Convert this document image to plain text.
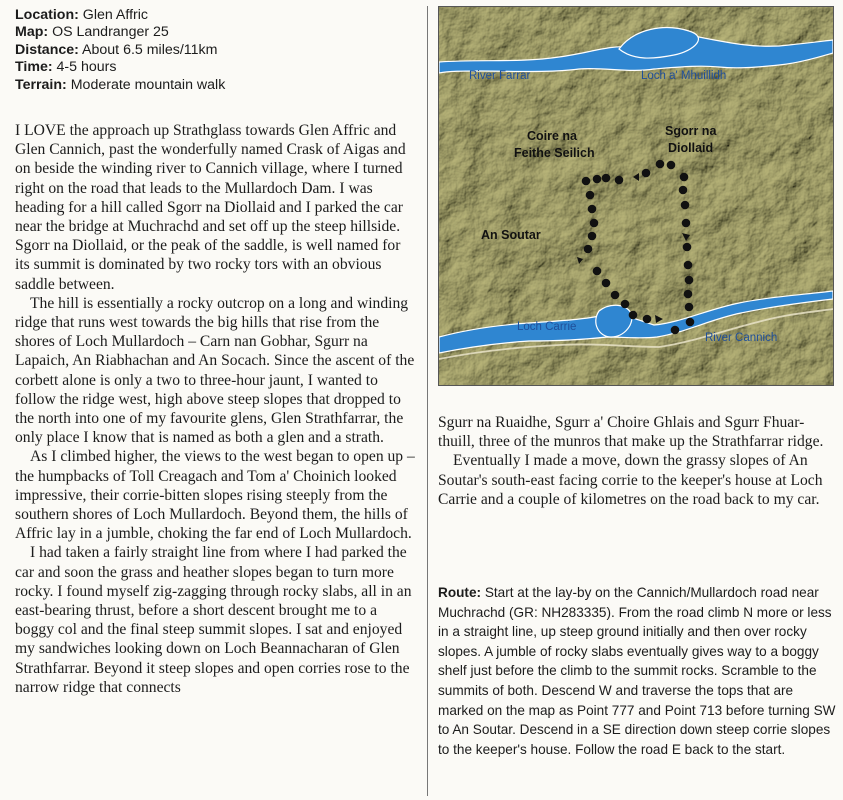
Location: Glen Affric
Map: OS Landranger 25
Distance: About 6.5 miles/11km
Time: 4-5 hours
Terrain: Moderate mountain walk

I LOVE the approach up Strathglass towards Glen Affric and Glen Cannich, past the wonderfully named Crask of Aigas and on beside the winding river to Cannich village, where I turned right on the road that leads to the Mullardoch Dam. I was heading for a hill called Sgorr na Diollaid and I parked the car near the bridge at Muchrachd and set off up the steep hillside. Sgorr na Diollaid, or the peak of the saddle, is well named for its summit is dominated by two rocky tors with an obvious saddle between.

The hill is essentially a rocky outcrop on a long and winding ridge that runs west towards the big hills that rise from the shores of Loch Mullardoch – Carn nan Gobhar, Sgurr na Lapaich, An Riabhachan and An Socach. Since the ascent of the corbett alone is only a two to three-hour jaunt, I wanted to follow the ridge west, high above steep slopes that dropped to the north into one of my favourite glens, Glen Strathfarrar, the only place I know that is named as both a glen and a strath.

As I climbed higher, the views to the west began to open up – the humpbacks of Toll Creagach and Tom a' Choinich looked impressive, their corrie-bitten slopes rising steeply from the southern shores of Loch Mullardoch. Beyond them, the hills of Affric lay in a jumble, choking the far end of Loch Mullardoch.

I had taken a fairly straight line from where I had parked the car and soon the grass and heather slopes began to turn more rocky. I found myself zig-zagging through rocky slabs, all in an east-bearing thrust, before a short descent brought me to a boggy col and the final steep summit slopes. I sat and enjoyed my sandwiches looking down on Loch Beannacharan of Glen Strathfarrar. Beyond it steep slopes and open corries rose to the narrow ridge that connects

River Farrar	Loch a' Mhuillidh
Coire na
Feithe Seilich
Sgorr na
Diollaid
An Soutar
Loch Carrie
River Cannich

Sgurr na Ruaidhe, Sgurr a' Choire Ghlais and Sgurr Fhuar-thuill, three of the munros that make up the Strathfarrar ridge.

Eventually I made a move, down the grassy slopes of An Soutar's south-east facing corrie to the keeper's house at Loch Carrie and a couple of kilometres on the road back to my car.

Route: Start at the lay-by on the Cannich/Mullardoch road near Muchrachd (GR: NH283335). From the road climb N more or less in a straight line, up steep ground initially and then over rocky slopes. A jumble of rocky slabs eventually gives way to a boggy shelf just before the climb to the summit rocks. Scramble to the summits of both. Descend W and traverse the tops that are marked on the map as Point 777 and Point 713 before turning SW to An Soutar. Descend in a SE direction down steep corrie slopes to the keeper's house. Follow the road E back to the start.
